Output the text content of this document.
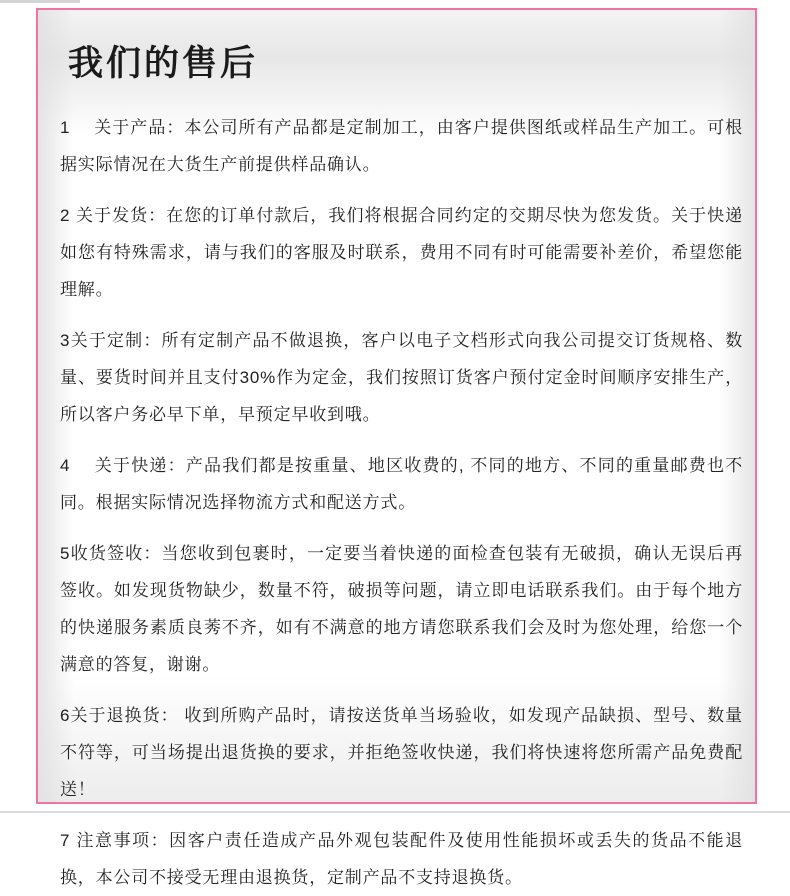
我们的售后

1　 关于产品：本公司所有产品都是定制加工，由客户提供图纸或样品生产加工。可根据实际情况在大货生产前提供样品确认。

2 关于发货：在您的订单付款后，我们将根据合同约定的交期尽快为您发货。关于快递如您有特殊需求，请与我们的客服及时联系，费用不同有时可能需要补差价，希望您能理解。

3关于定制：所有定制产品不做退换，客户以电子文档形式向我公司提交订货规格、数量、要货时间并且支付30%作为定金，我们按照订货客户预付定金时间顺序安排生产，所以客户务必早下单，早预定早收到哦。

4　 关于快递：产品我们都是按重量、地区收费的, 不同的地方、不同的重量邮费也不同。根据实际情况选择物流方式和配送方式。

5收货签收：当您收到包裹时，一定要当着快递的面检查包装有无破损，确认无误后再签收。如发现货物缺少，数量不符，破损等问题，请立即电话联系我们。由于每个地方的快递服务素质良莠不齐，如有不满意的地方请您联系我们会及时为您处理，给您一个满意的答复，谢谢。

6关于退换货： 收到所购产品时，请按送货单当场验收，如发现产品缺损、型号、数量不符等，可当场提出退货换的要求，并拒绝签收快递，我们将快速将您所需产品免费配送！

7 注意事项：因客户责任造成产品外观包装配件及使用性能损坏或丢失的货品不能退换，本公司不接受无理由退换货，定制产品不支持退换货。
